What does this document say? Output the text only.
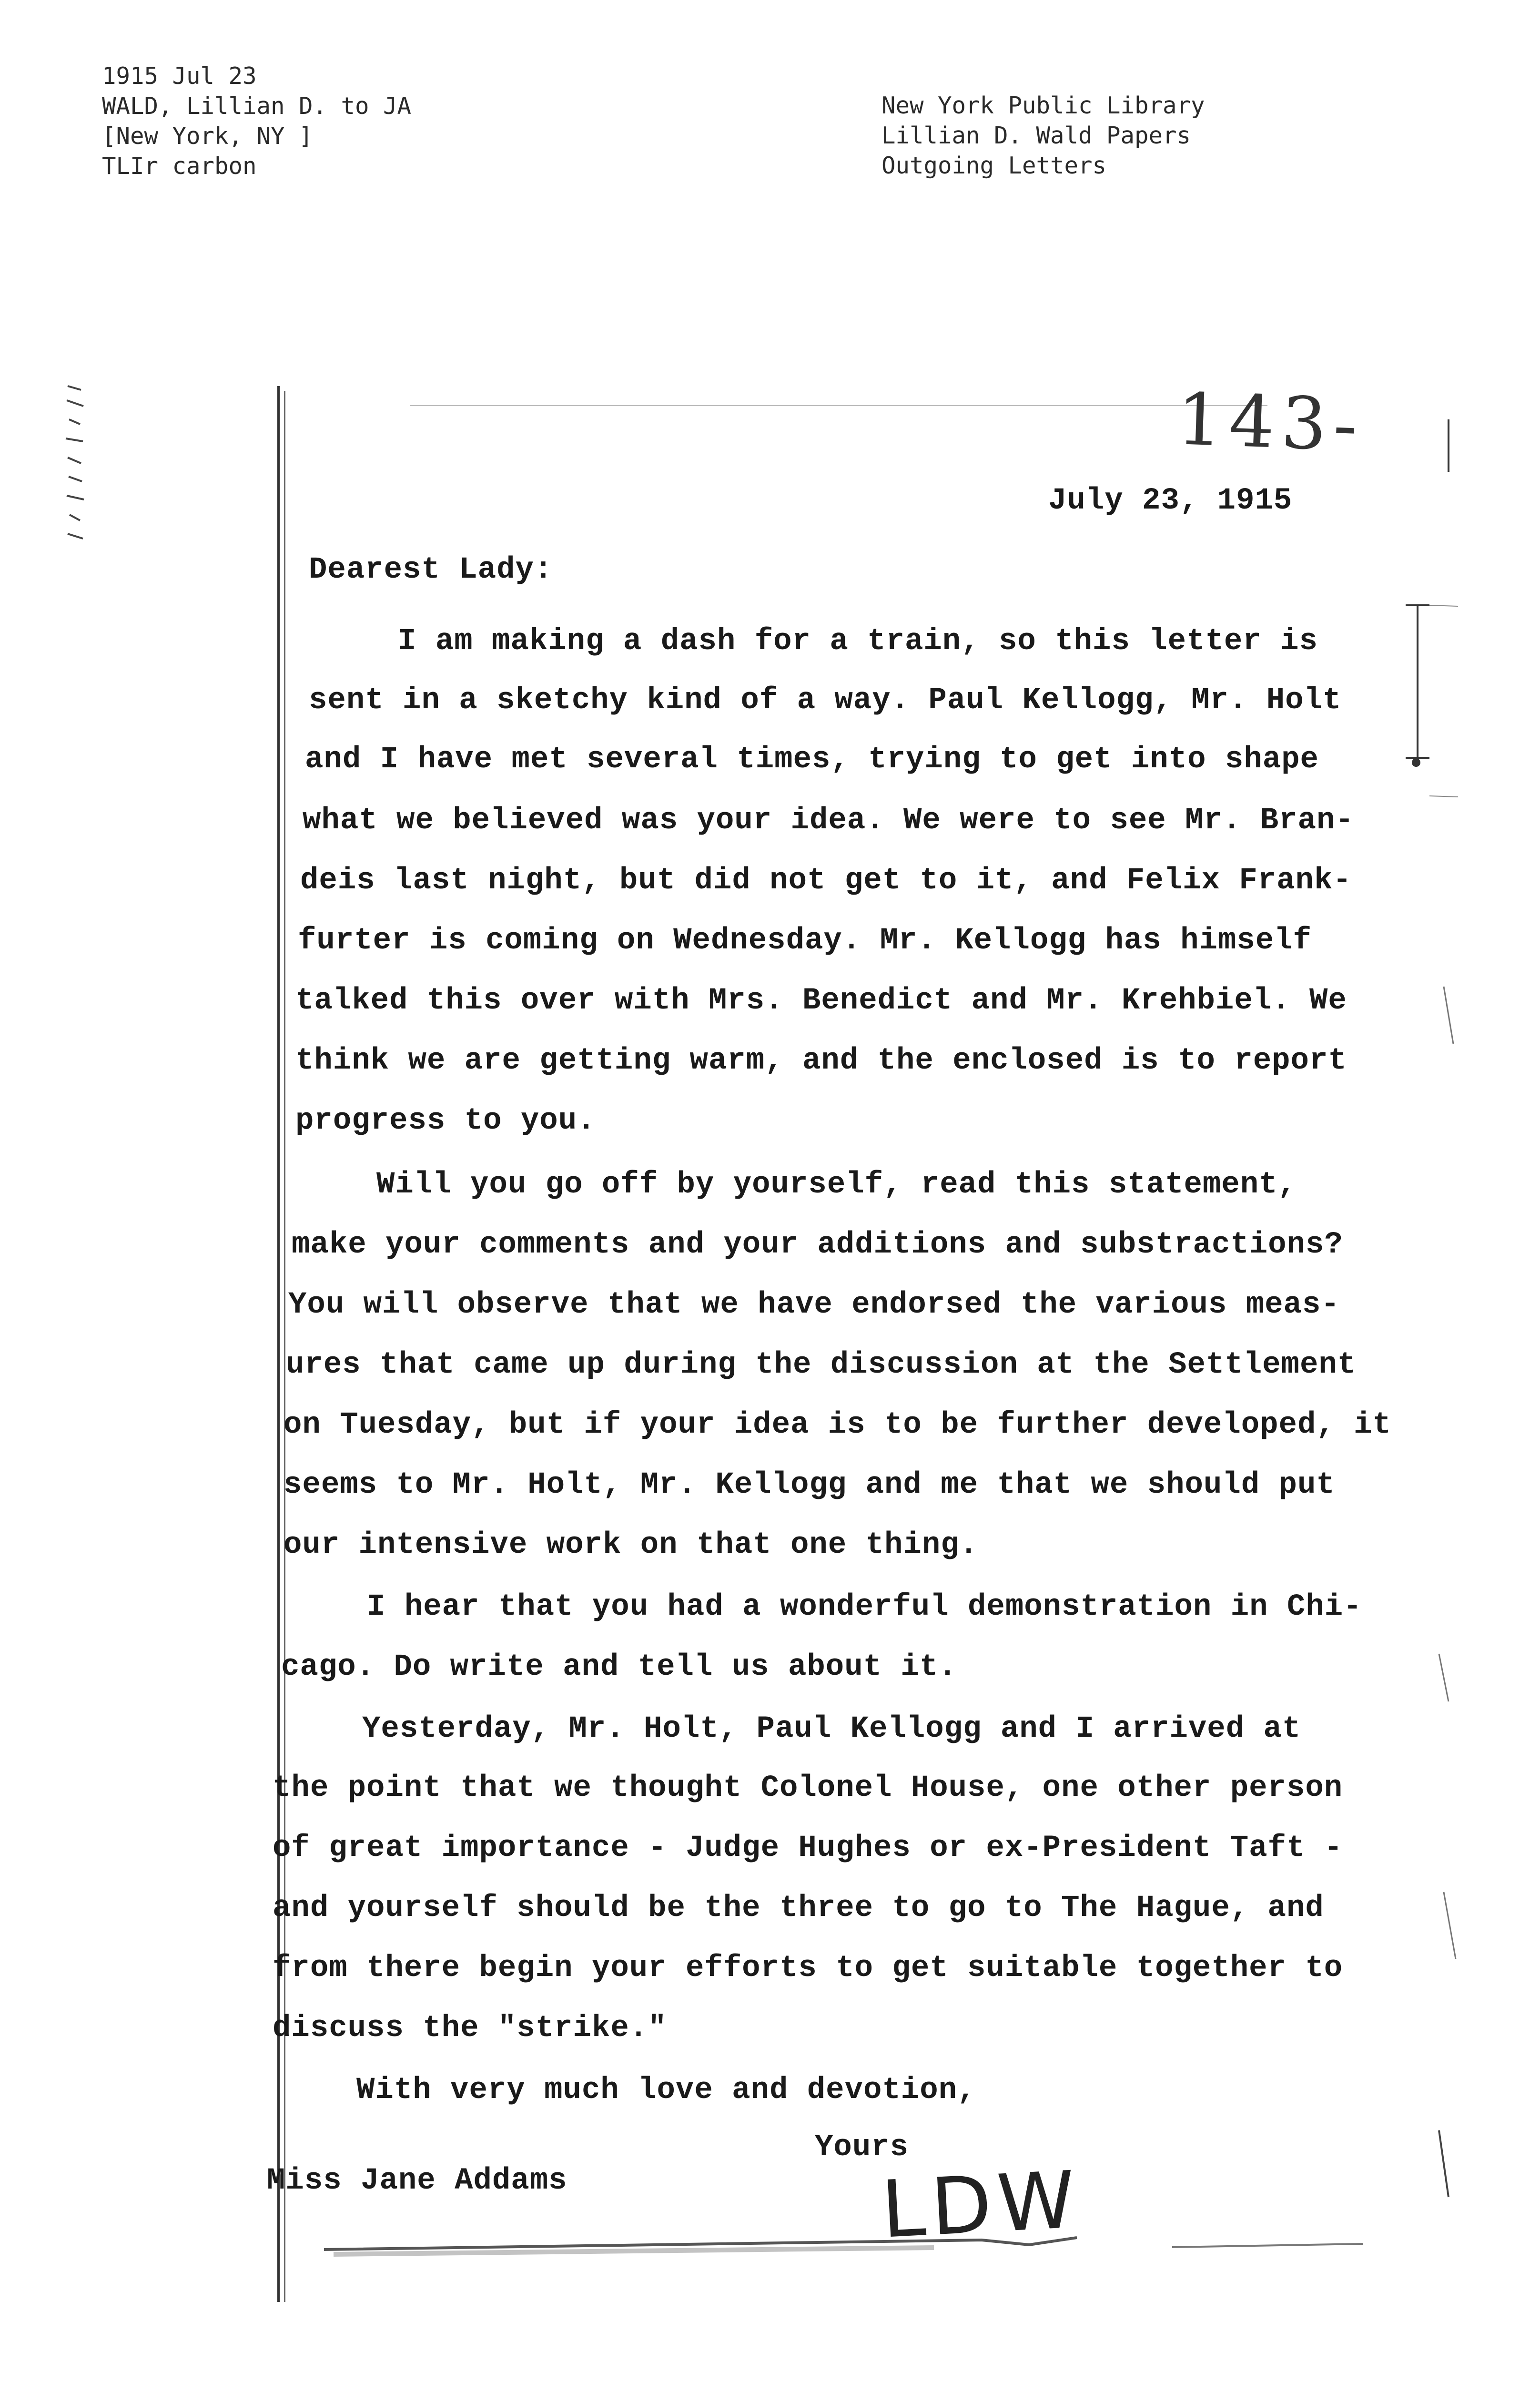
1915 Jul 23
WALD, Lillian D. to JA
[New York, NY ]
TLIr carbon
New York Public Library
Lillian D. Wald Papers
Outgoing Letters
143-
July 23, 1915
Dearest Lady:
I am making a dash for a train, so this letter is
sent in a sketchy kind of a way. Paul Kellogg, Mr. Holt
and I have met several times, trying to get into shape
what we believed was your idea. We were to see Mr. Bran-
deis last night, but did not get to it, and Felix Frank-
furter is coming on Wednesday. Mr. Kellogg has himself
talked this over with Mrs. Benedict and Mr. Krehbiel. We
think we are getting warm, and the enclosed is to report
progress to you.
Will you go off by yourself, read this statement,
make your comments and your additions and substractions?
You will observe that we have endorsed the various meas-
ures that came up during the discussion at the Settlement
on Tuesday, but if your idea is to be further developed, it
seems to Mr. Holt, Mr. Kellogg and me that we should put
our intensive work on that one thing.
I hear that you had a wonderful demonstration in Chi-
cago. Do write and tell us about it.
Yesterday, Mr. Holt, Paul Kellogg and I arrived at
the point that we thought Colonel House, one other person
of great importance - Judge Hughes or ex-President Taft -
and yourself should be the three to go to The Hague, and
from there begin your efforts to get suitable together to
discuss the "strike."
With very much love and devotion,
Yours
Miss Jane Addams	LDW
